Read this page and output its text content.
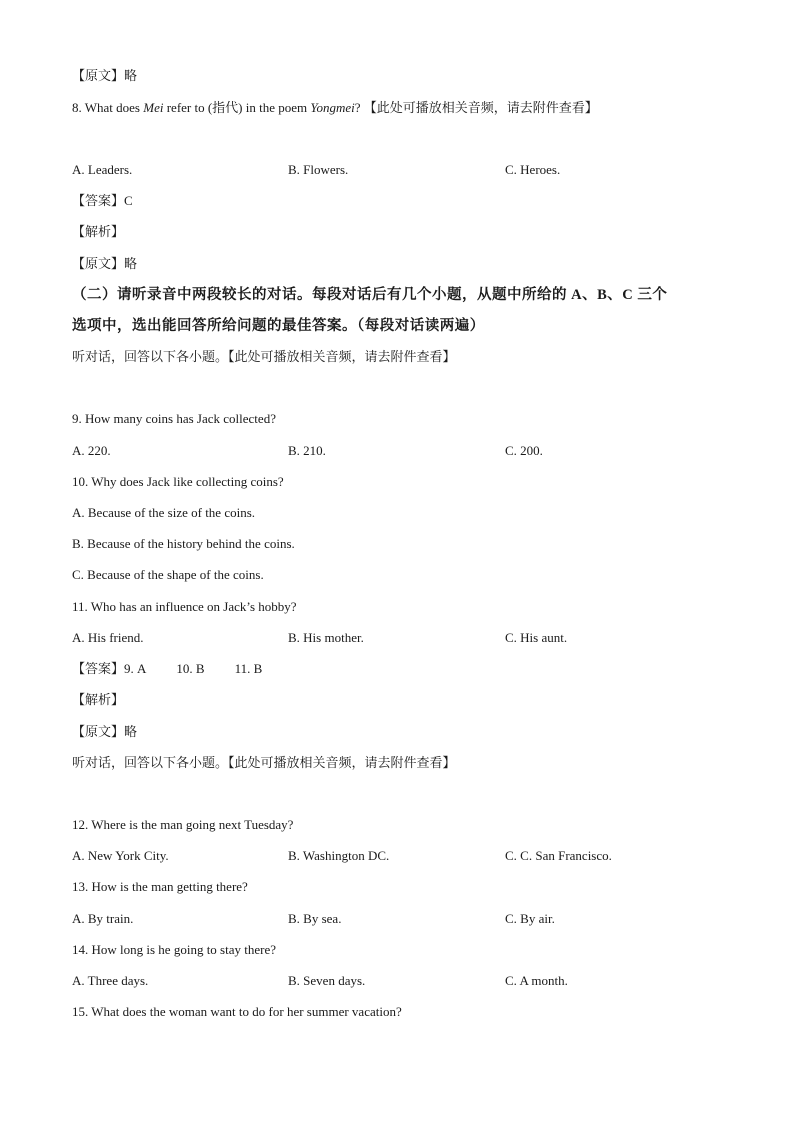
【原文】略
8. What does Mei refer to (指代) in the poem Yongmei? 【此处可播放相关音频，请去附件查看】
A. Leaders.	B. Flowers.	C. Heroes.
【答案】C
【解析】
【原文】略
（二）请听录音中两段较长的对话。每段对话后有几个小题，从题中所给的 A、B、C 三个
选项中，选出能回答所给问题的最佳答案。（每段对话读两遍）
听对话，回答以下各小题。【此处可播放相关音频，请去附件查看】
9. How many coins has Jack collected?
A. 220.	B. 210.	C. 200.
10. Why does Jack like collecting coins?
A. Because of the size of the coins.
B. Because of the history behind the coins.
C. Because of the shape of the coins.
11. Who has an influence on Jack’s hobby?
A. His friend.	B. His mother.	C. His aunt.
【答案】9. A 10. B 11. B
【解析】
【原文】略
听对话，回答以下各小题。【此处可播放相关音频，请去附件查看】
12. Where is the man going next Tuesday?
A. New York City.	B. Washington DC.	C. C. San Francisco.
13. How is the man getting there?
A. By train.	B. By sea.	C. By air.
14. How long is he going to stay there?
A. Three days.	B. Seven days.	C. A month.
15. What does the woman want to do for her summer vacation?
